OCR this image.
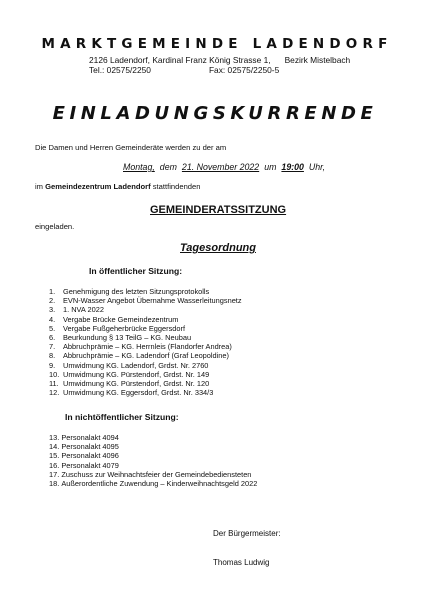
MARKTGEMEINDE LADENDORF
2126 Ladendorf, Kardinal Franz König Strasse 1, Bezirk Mistelbach
Tel.: 02575/2250	Fax: 02575/2250-5
EINLADUNGSKURRENDE
Die Damen und Herren Gemeinderäte werden zu der am
Montag, dem 21. November 2022 um 19:00 Uhr,
im Gemeindezentrum Ladendorf stattfindenden
GEMEINDERATSSITZUNG
eingeladen.
Tagesordnung
In öffentlicher Sitzung:
1. Genehmigung des letzten Sitzungsprotokolls
2. EVN-Wasser Angebot Übernahme Wasserleitungsnetz
3. 1. NVA 2022
4. Vergabe Brücke Gemeindezentrum
5. Vergabe Fußgeherbrücke Eggersdorf
6. Beurkundung § 13 TeilG – KG. Neubau
7. Abbruchprämie – KG. Herrnleis (Flandorfer Andrea)
8. Abbruchprämie – KG. Ladendorf (Graf Leopoldine)
9. Umwidmung KG. Ladendorf, Grdst. Nr. 2760
10. Umwidmung KG. Pürstendorf, Grdst. Nr. 149
11. Umwidmung KG. Pürstendorf, Grdst. Nr. 120
12. Umwidmung KG. Eggersdorf, Grdst. Nr. 334/3
In nichtöffentlicher Sitzung:
13. Personalakt 4094
14. Personalakt 4095
15. Personalakt 4096
16. Personalakt 4079
17. Zuschuss zur Weihnachtsfeier der Gemeindebediensteten
18. Außerordentliche Zuwendung – Kinderweihnachtsgeld 2022
Der Bürgermeister:
Thomas Ludwig
